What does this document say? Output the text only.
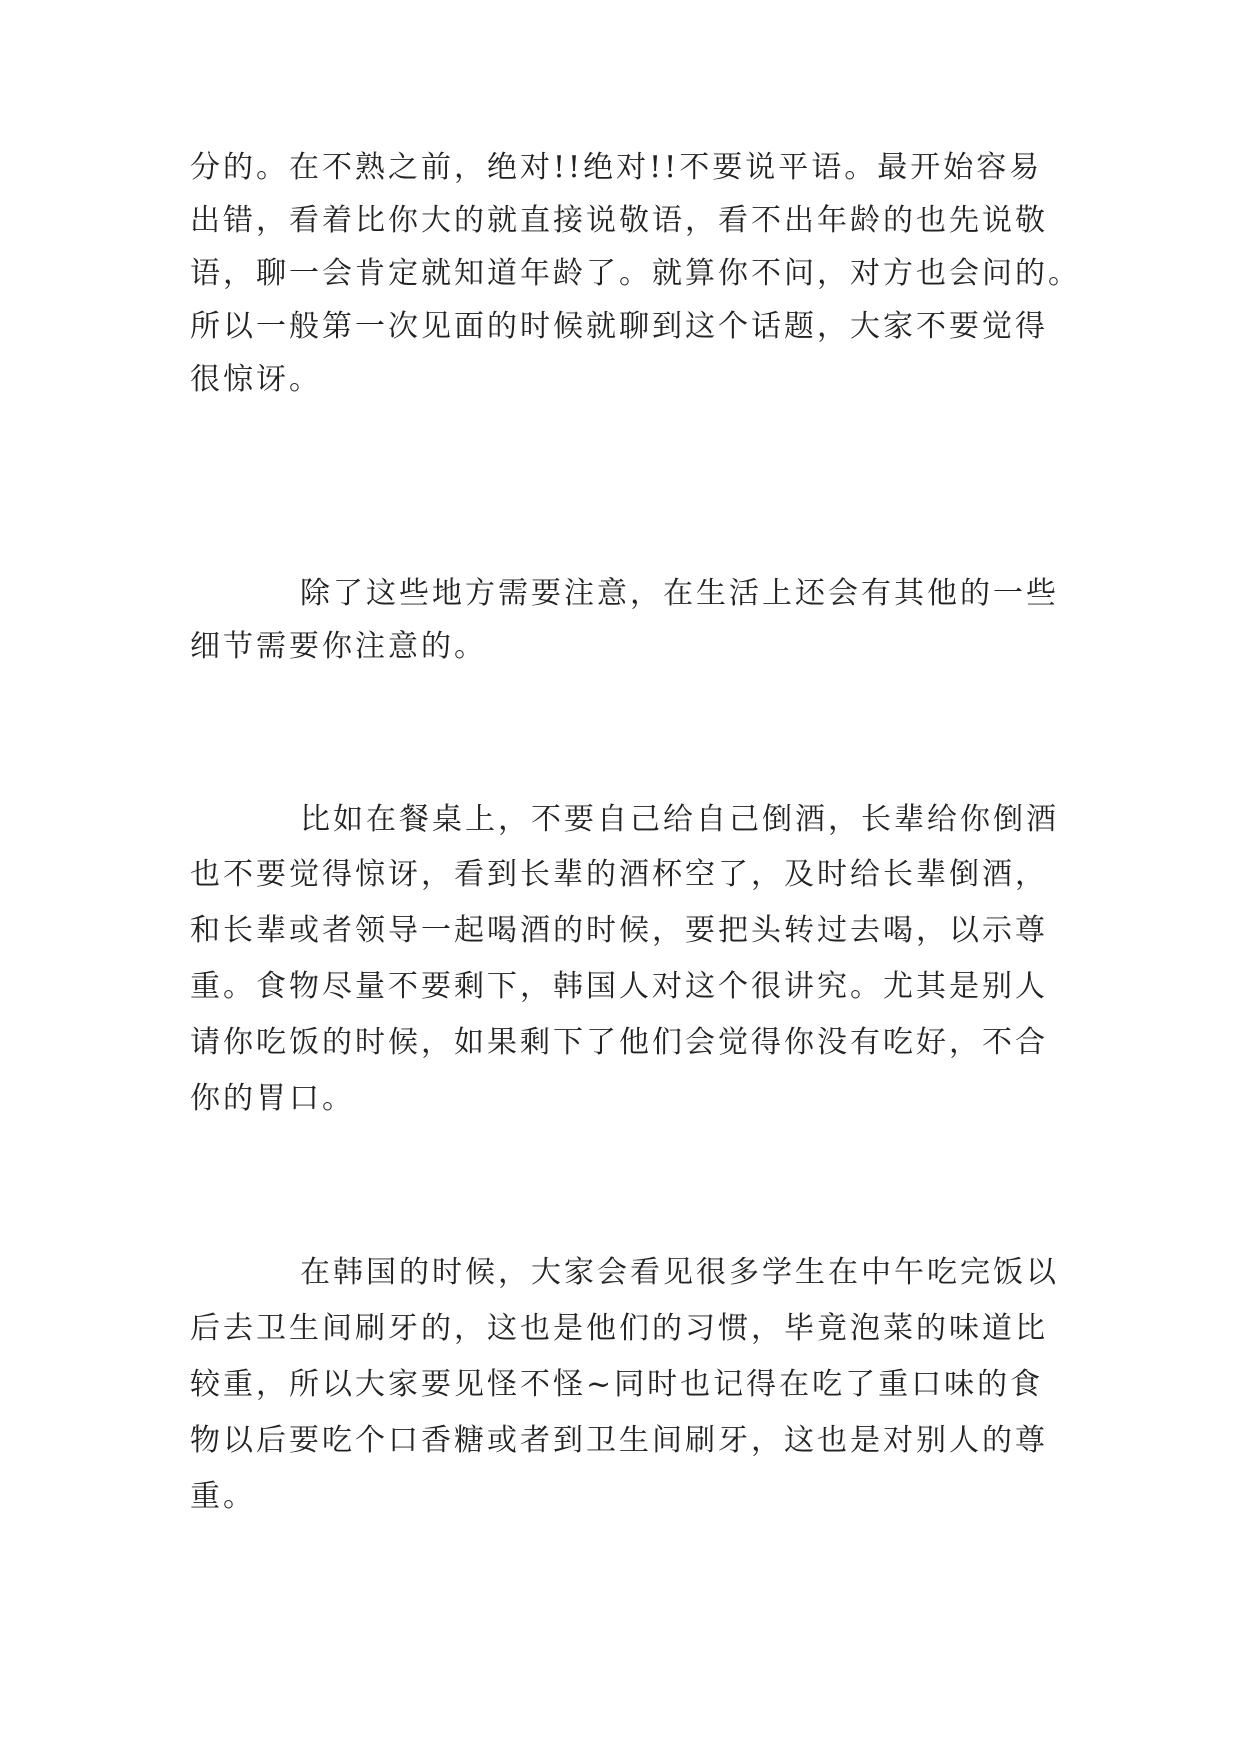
分的。在不熟之前，绝对!!绝对!!不要说平语。最开始容易
出错，看着比你大的就直接说敬语，看不出年龄的也先说敬
语，聊一会肯定就知道年龄了。就算你不问，对方也会问的。
所以一般第一次见面的时候就聊到这个话题，大家不要觉得
很惊讶。
除了这些地方需要注意，在生活上还会有其他的一些
细节需要你注意的。
比如在餐桌上，不要自己给自己倒酒，长辈给你倒酒
也不要觉得惊讶，看到长辈的酒杯空了，及时给长辈倒酒，
和长辈或者领导一起喝酒的时候，要把头转过去喝，以示尊
重。食物尽量不要剩下，韩国人对这个很讲究。尤其是别人
请你吃饭的时候，如果剩下了他们会觉得你没有吃好，不合
你的胃口。
在韩国的时候，大家会看见很多学生在中午吃完饭以
后去卫生间刷牙的，这也是他们的习惯，毕竟泡菜的味道比
较重，所以大家要见怪不怪~同时也记得在吃了重口味的食
物以后要吃个口香糖或者到卫生间刷牙，这也是对别人的尊
重。
